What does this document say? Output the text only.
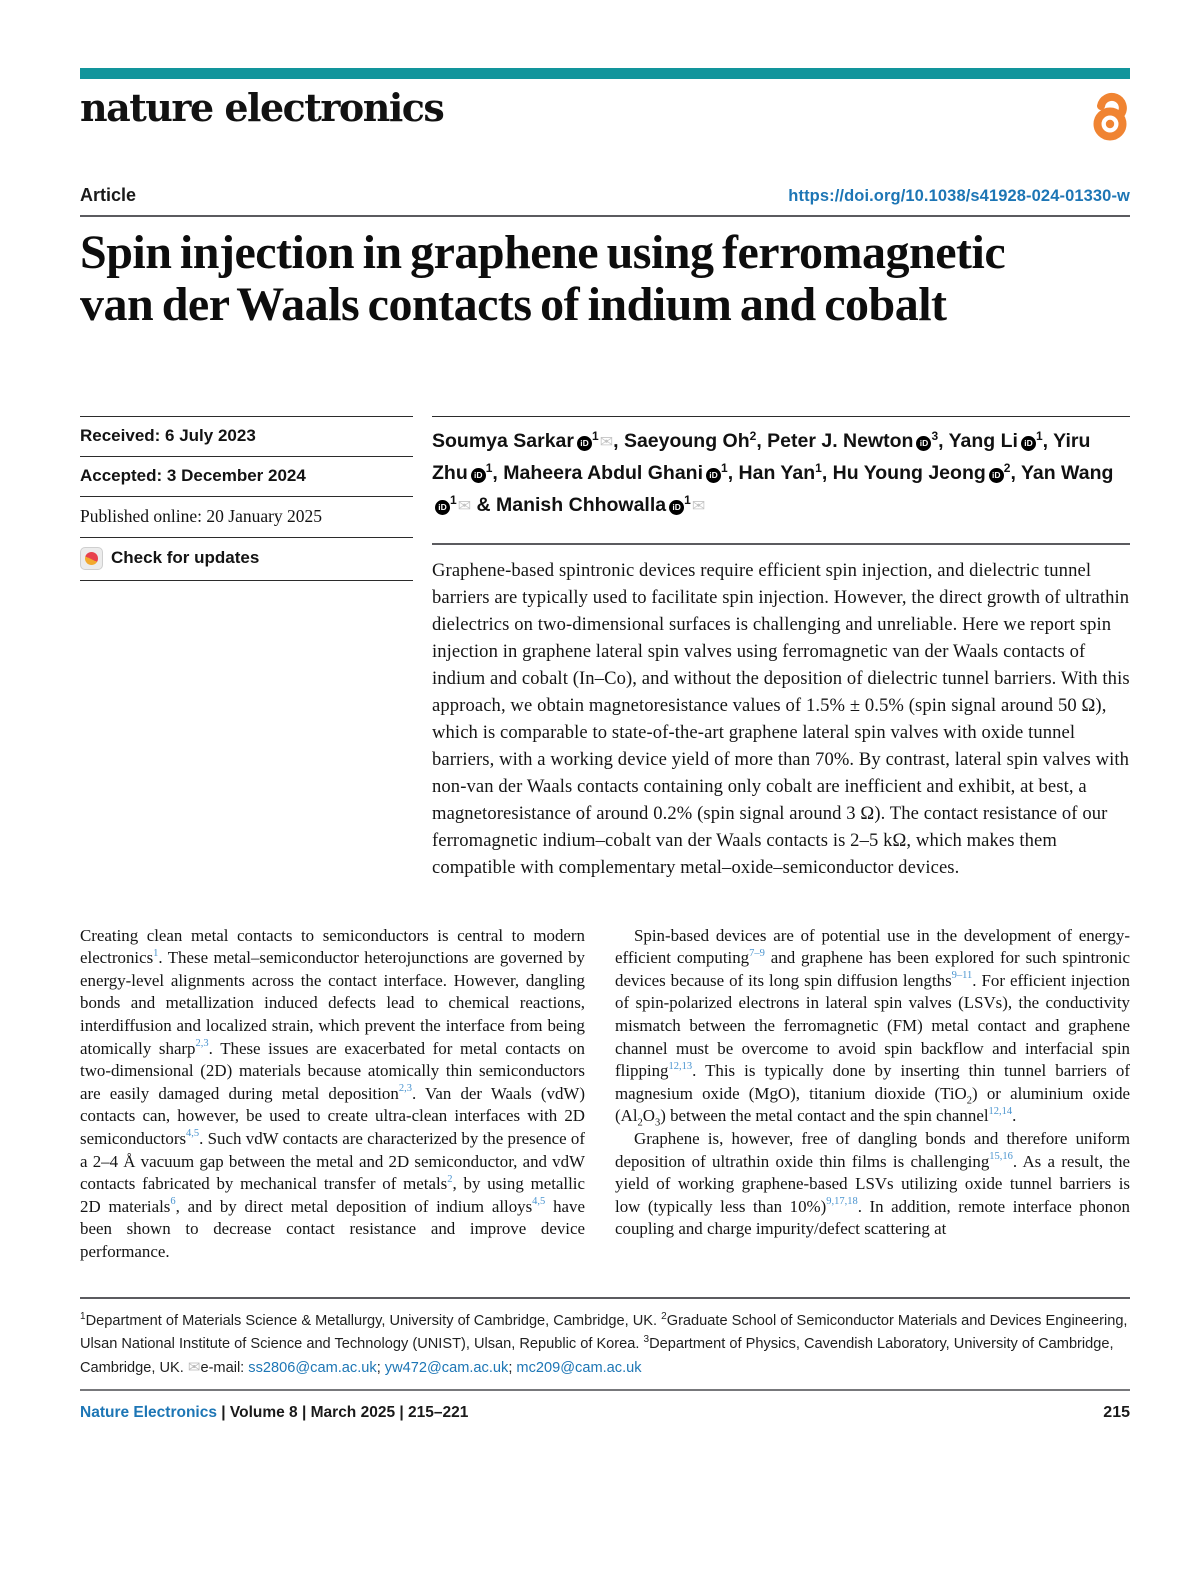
nature electronics
Article	https://doi.org/10.1038/s41928-024-01330-w
Spin injection in graphene using ferromagnetic van der Waals contacts of indium and cobalt
Received: 6 July 2023
Accepted: 3 December 2024
Published online: 20 January 2025
Check for updates
Soumya Sarkar iD $^1$✉, Saeyoung Oh$^2$, Peter J. Newton iD $^3$, Yang Li iD $^1$, Yiru Zhu iD $^1$, Maheera Abdul Ghani iD $^1$, Han Yan$^1$, Hu Young Jeong iD $^2$, Yan WangiD $^1$✉ & Manish Chhowalla iD $^1$✉
Graphene-based spintronic devices require efficient spin injection, and dielectric tunnel barriers are typically used to facilitate spin injection. However, the direct growth of ultrathin dielectrics on two-dimensional surfaces is challenging and unreliable. Here we report spin injection in graphene lateral spin valves using ferromagnetic van der Waals contacts of indium and cobalt (In–Co), and without the deposition of dielectric tunnel barriers. With this approach, we obtain magnetoresistance values of 1.5% ± 0.5% (spin signal around 50 Ω), which is comparable to state-of-the-art graphene lateral spin valves with oxide tunnel barriers, with a working device yield of more than 70%. By contrast, lateral spin valves with non-van der Waals contacts containing only cobalt are inefficient and exhibit, at best, a magnetoresistance of around 0.2% (spin signal around 3 Ω). The contact resistance of our ferromagnetic indium–cobalt van der Waals contacts is 2–5 kΩ, which makes them compatible with complementary metal–oxide–semiconductor devices.

Creating clean metal contacts to semiconductors is central to modern electronics$^1$. These metal–semiconductor heterojunctions are governed by energy-level alignments across the contact interface. However, dangling bonds and metallization induced defects lead to chemical reactions, interdiffusion and localized strain, which prevent the interface from being atomically sharp$^{2,3}$. These issues are exacerbated for metal contacts on two-dimensional (2D) materials because atomically thin semiconductors are easily damaged during metal deposition$^{2,3}$. Van der Waals (vdW) contacts can, however, be used to create ultra-clean interfaces with 2D semiconductors$^{4,5}$. Such vdW contacts are characterized by the presence of a 2–4 Å vacuum gap between the metal and 2D semiconductor, and vdW contacts fabricated by mechanical transfer of metals$^2$, by using metallic 2D materials$^6$, and by direct metal deposition of indium alloys$^{4,5}$ have been shown to decrease contact resistance and improve device performance.

Spin-based devices are of potential use in the development of energy-efficient computing$^{7-9}$ and graphene has been explored for such spintronic devices because of its long spin diffusion lengths$^{9-11}$. For efficient injection of spin-polarized electrons in lateral spin valves (LSVs), the conductivity mismatch between the ferromagnetic (FM) metal contact and graphene channel must be overcome to avoid spin backflow and interfacial spin flipping$^{12,13}$. This is typically done by inserting thin tunnel barriers of magnesium oxide (MgO), titanium dioxide (TiO$_2$) or aluminium oxide $(Al_2O_3)$ between the metal contact and the spin channel$^{12,14}$.

Graphene is, however, free of dangling bonds and therefore uniform deposition of ultrathin oxide thin films is challenging$^{15,16}$. As a result, the yield of working graphene-based LSVs utilizing oxide tunnel barriers is low (typically less than 10%)$^{9,17,18}$. In addition, remote interface phonon coupling and charge impurity/defect scattering at

$^1$Department of Materials Science & Metallurgy, University of Cambridge, Cambridge, UK. $^2$Graduate School of Semiconductor Materials and Devices Engineering, Ulsan National Institute of Science and Technology (UNIST), Ulsan, Republic of Korea. $^3$Department of Physics, Cavendish Laboratory, University of Cambridge, Cambridge, UK. ✉e-mail: ss2806@cam.ac.uk; yw472@cam.ac.uk; mc209@cam.ac.uk
Nature Electronics | Volume 8 | March 2025 | 215–221	215
